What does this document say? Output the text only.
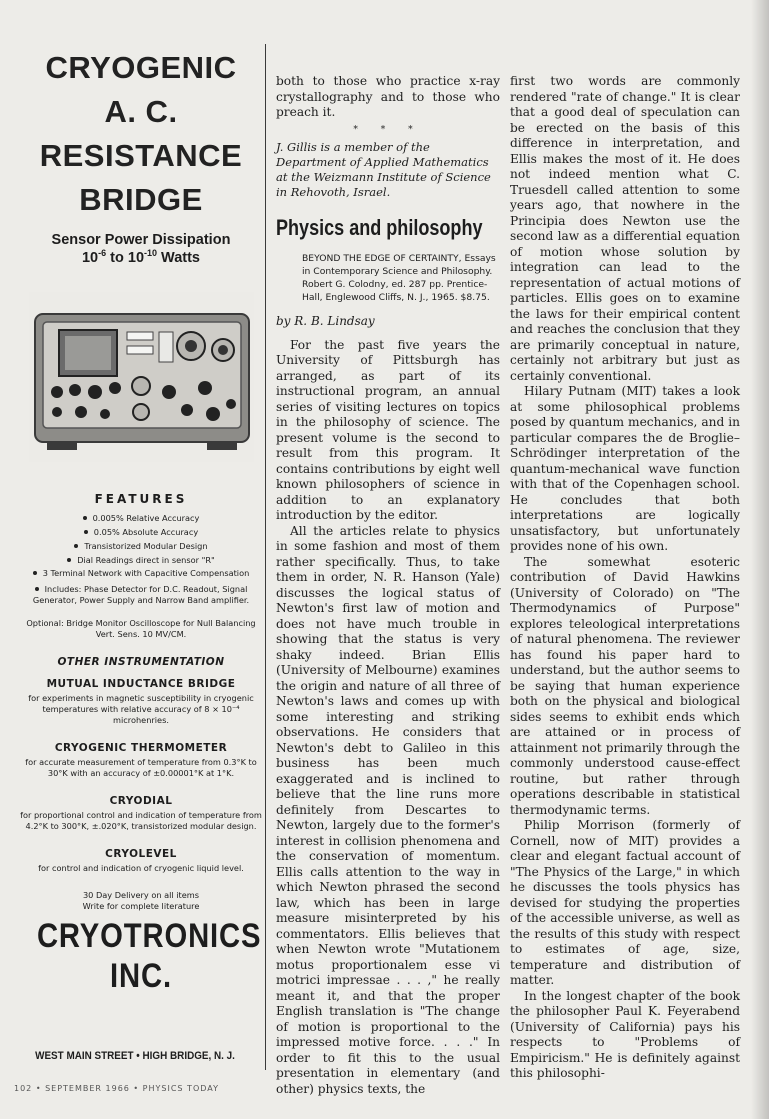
CRYOGENIC

A. C.

RESISTANCE

BRIDGE

Sensor Power Dissipation

$10^{-6}$ to $10^{-10}$ Watts

FEATURES
0.005% Relative Accuracy
0.05% Absolute Accuracy
Transistorized Modular Design
Dial Readings direct in sensor "R"
3 Terminal Network with Capacitive Compensation
Includes: Phase Detector for D.C. Readout, Signal Generator, Power Supply and Narrow Band amplifier.
Optional: Bridge Monitor Oscilloscope for Null Balancing Vert. Sens. 10 MV/CM.
OTHER INSTRUMENTATION
MUTUAL INDUCTANCE BRIDGE
for experiments in magnetic susceptibility in cryogenic temperatures with relative accuracy of 8 × 10⁻⁴ microhenries.
CRYOGENIC THERMOMETER
for accurate measurement of temperature from 0.3°K to 30°K with an accuracy of ±0.00001°K at 1°K.
CRYODIAL
for proportional control and indication of temperature from 4.2°K to 300°K, ±.020°K, transistorized modular design.
CRYOLEVEL
for control and indication of cryogenic liquid level.
30 Day Delivery on all items
Write for complete literature
CRYOTRONICS
INC.
WEST MAIN STREET • HIGH BRIDGE, N. J.

both to those who practice x-ray crystallography and to those who preach it.

* * *
J. Gillis is a member of the Department of Applied Mathematics at the Weizmann Institute of Science in Rehovoth, Israel.
Physics and philosophy
BEYOND THE EDGE OF CERTAINTY, Essays in Contemporary Science and Philosophy. Robert G. Colodny, ed. 287 pp. Prentice-Hall, Englewood Cliffs, N. J., 1965. $8.75.
by R. B. Lindsay

For the past five years the University of Pittsburgh has arranged, as part of its instructional program, an annual series of visiting lectures on topics in the philosophy of science. The present volume is the second to result from this program. It contains contributions by eight well known philosophers of science in addition to an explanatory introduction by the editor.

All the articles relate to physics in some fashion and most of them rather specifically. Thus, to take them in order, N. R. Hanson (Yale) discusses the logical status of Newton's first law of motion and does not have much trouble in showing that the status is very shaky indeed. Brian Ellis (University of Melbourne) examines the origin and nature of all three of Newton's laws and comes up with some interesting and striking observations. He considers that Newton's debt to Galileo in this business has been much exaggerated and is inclined to believe that the line runs more definitely from Descartes to Newton, largely due to the former's interest in collision phenomena and the conservation of momentum. Ellis calls attention to the way in which Newton phrased the second law, which has been in large measure misinterpreted by his commentators. Ellis believes that when Newton wrote "Mutationem motus proportionalem esse vi motrici impressae . . . ," he really meant it, and that the proper English translation is "The change of motion is proportional to the impressed motive force. . . ." In order to fit this to the usual presentation in elementary (and other) physics texts, the

first two words are commonly rendered "rate of change." It is clear that a good deal of speculation can be erected on the basis of this difference in interpretation, and Ellis makes the most of it. He does not indeed mention what C. Truesdell called attention to some years ago, that nowhere in the Principia does Newton use the second law as a differential equation of motion whose solution by integration can lead to the representation of actual motions of particles. Ellis goes on to examine the laws for their empirical content and reaches the conclusion that they are primarily conceptual in nature, certainly not arbitrary but just as certainly conventional.

Hilary Putnam (MIT) takes a look at some philosophical problems posed by quantum mechanics, and in particular compares the de Broglie–Schrödinger interpretation of the quantum-mechanical wave function with that of the Copenhagen school. He concludes that both interpretations are logically unsatisfactory, but unfortunately provides none of his own.

The somewhat esoteric contribution of David Hawkins (University of Colorado) on "The Thermodynamics of Purpose" explores teleological interpretations of natural phenomena. The reviewer has found his paper hard to understand, but the author seems to be saying that human experience both on the physical and biological sides seems to exhibit ends which are attained or in process of attainment not primarily through the commonly understood cause-effect routine, but rather through operations describable in statistical thermodynamic terms.

Philip Morrison (formerly of Cornell, now of MIT) provides a clear and elegant factual account of "The Physics of the Large," in which he discusses the tools physics has devised for studying the properties of the accessible universe, as well as the results of this study with respect to estimates of age, size, temperature and distribution of matter.

In the longest chapter of the book the philosopher Paul K. Feyerabend (University of California) pays his respects to "Problems of Empiricism." He is definitely against this philosophi-

102 • SEPTEMBER 1966 • PHYSICS TODAY
